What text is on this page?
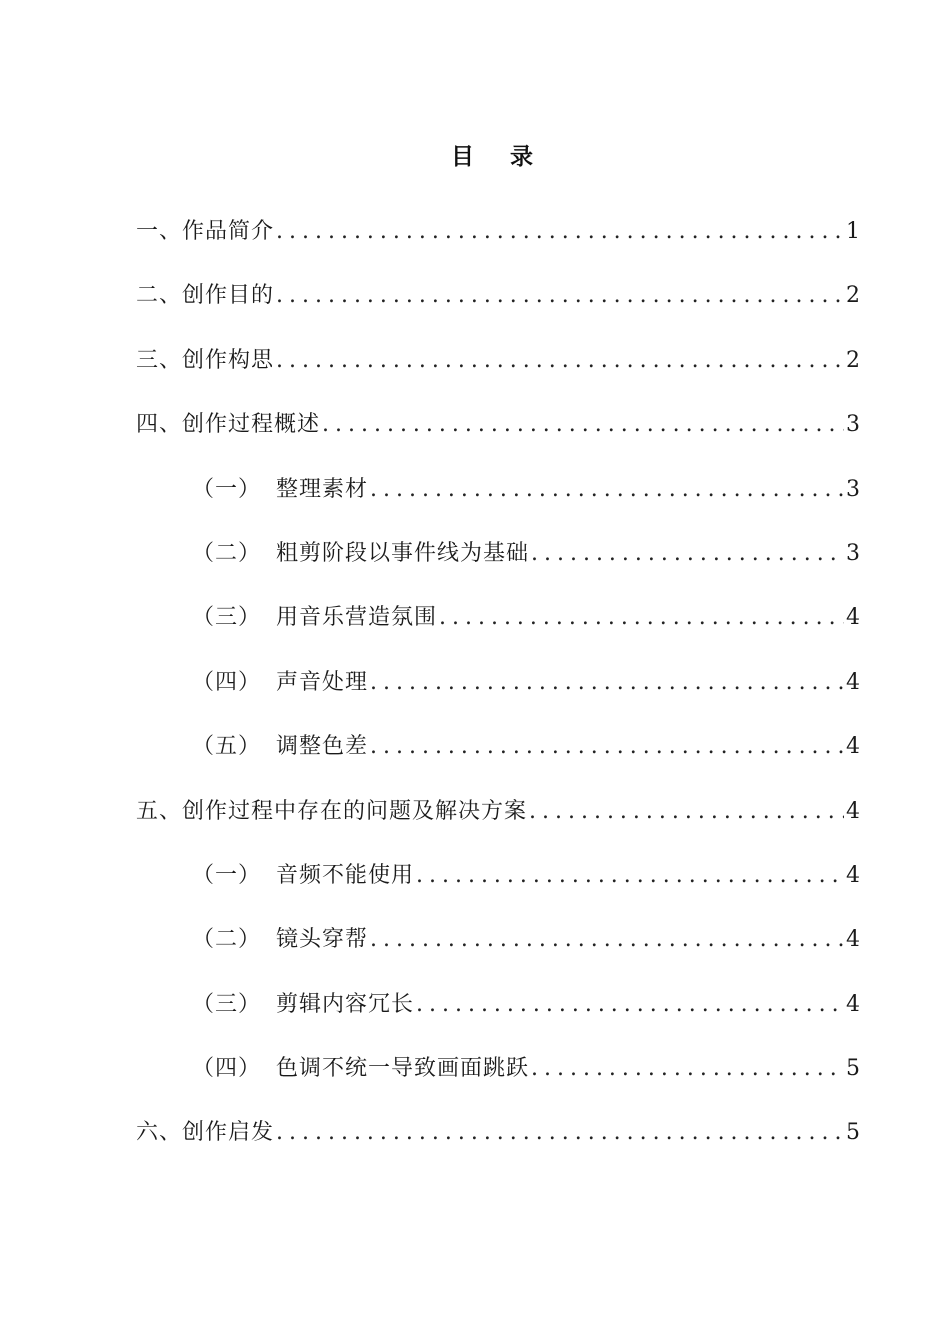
目 录
一、 作品简介 . . .	1
二、 创作目的 . . .	2
三、 创作构思 . . .	2
四、 创作过程概述 . . .	3
（一） 整理素材 . . .	3
（二） 粗剪阶段以事件线为基础 . . .	3
（三） 用音乐营造氛围 . . .	4
（四） 声音处理 . . .	4
（五） 调整色差 . . .	4
五、 创作过程中存在的问题及解决方案 . . .	4
（一） 音频不能使用 . . .	4
（二） 镜头穿帮 . . .	4
（三） 剪辑内容冗长 . . .	4
（四） 色调不统一导致画面跳跃 . . .	5
六、 创作启发 . . .	5
